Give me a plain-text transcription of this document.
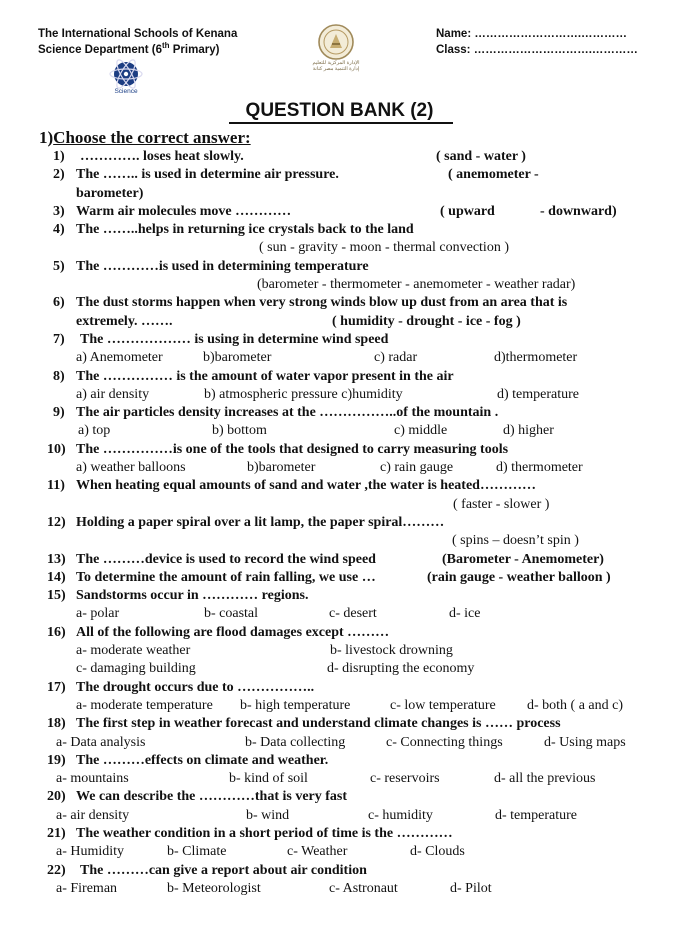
The International Schools of Kenana
Science Department (6th Primary)
Name: ……………………….…………
Class: ………………………….…………
Science
الإدارة المركزية للتعليم
إدارة التنمية مصر كنانة
QUESTION BANK (2)
1)Choose the correct answer:
1) …………. loses heat slowly.	( sand - water )
2) The …….. is used in determine air pressure.	( anemometer -
barometer)
3) Warm air molecules move …………	( upward	- downward)
4) The ……..helps in returning ice crystals back to the land
( sun - gravity - moon - thermal convection )
5) The …………is used in determining temperature
(barometer - thermometer - anemometer - weather radar)
6) The dust storms happen when very strong winds blow up dust from an area that is
extremely. …….	( humidity - drought - ice - fog )
7) The ……………… is using in determine wind speed
a) Anemometer	b)barometer	c) radar	d)thermometer
8) The …………… is the amount of water vapor present in the air
a) air density	b) atmospheric pressure c)humidity	d) temperature
9) The air particles density increases at the ……………..of the mountain .
a) top	b) bottom	c) middle	d) higher
10) The ……………is one of the tools that designed to carry measuring tools
a) weather balloons	b)barometer	c) rain gauge	d) thermometer
11) When heating equal amounts of sand and water ,the water is heated…………
( faster - slower )
12) Holding a paper spiral over a lit lamp, the paper spiral………
( spins – doesn’t spin )
13) The ………device is used to record the wind speed	(Barometer - Anemometer)
14) To determine the amount of rain falling, we use …	(rain gauge - weather balloon )
15) Sandstorms occur in ………… regions.
a- polar	b- coastal	c- desert	d- ice
16) All of the following are flood damages except ………
a- moderate weather	b- livestock drowning
c- damaging building	d- disrupting the economy
17) The drought occurs due to ……………..
a- moderate temperature b- high temperature	c- low temperature d- both ( a and c)
18) The first step in weather forecast and understand climate changes is …… process
a- Data analysis	b- Data collecting	c- Connecting things	d- Using maps
19) The ………effects on climate and weather.
a- mountains	b- kind of soil	c- reservoirs	d- all the previous
20) We can describe the …………that is very fast
a- air density	b- wind	c- humidity	d- temperature
21) The weather condition in a short period of time is the …………
a- Humidity	b- Climate	c- Weather	d- Clouds
22) The ………can give a report about air condition
a- Fireman	b- Meteorologist	c- Astronaut	d- Pilot
